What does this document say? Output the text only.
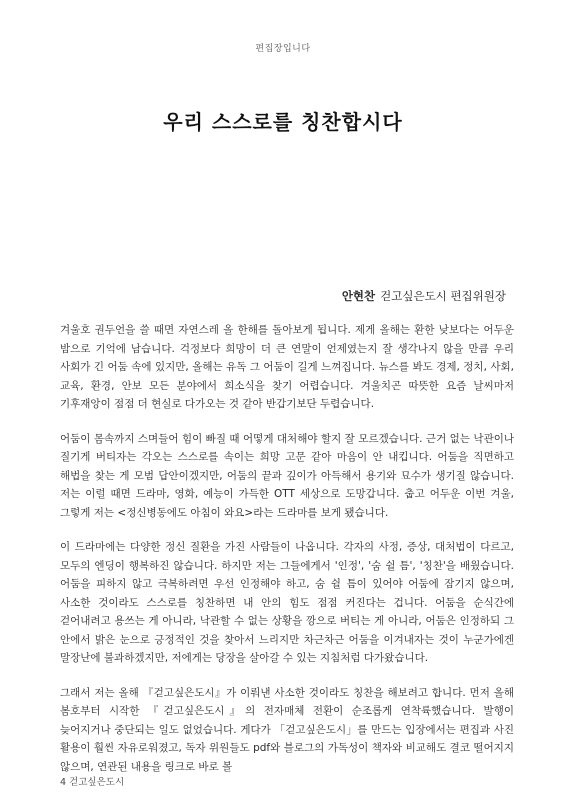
편집장입니다
우리 스스로를 칭찬합시다
안현찬 걷고싶은도시 편집위원장

겨울호 권두언을 쓸 때면 자연스레 올 한해를 돌아보게 됩니다. 제게 올해는 환한 낮보다는 어두운 밤으로 기억에 남습니다. 걱정보다 희망이 더 큰 연말이 언제였는지 잘 생각나지 않을 만큼 우리 사회가 긴 어둠 속에 있지만, 올해는 유독 그 어둠이 길게 느껴집니다. 뉴스를 봐도 경제, 정치, 사회, 교육, 환경, 안보 모든 분야에서 희소식을 찾기 어렵습니다. 겨울치곤 따뜻한 요즘 날씨마저 기후재앙이 점점 더 현실로 다가오는 것 같아 반갑기보단 두렵습니다.

어둠이 몸속까지 스며들어 힘이 빠질 때 어떻게 대처해야 할지 잘 모르겠습니다. 근거 없는 낙관이나 질기게 버티자는 각오는 스스로를 속이는 희망 고문 같아 마음이 안 내킵니다. 어둠을 직면하고 해법을 찾는 게 모범 답안이겠지만, 어둠의 끝과 깊이가 아득해서 용기와 묘수가 생기질 않습니다. 저는 이럴 때면 드라마, 영화, 예능이 가득한 OTT 세상으로 도망갑니다. 춥고 어두운 이번 겨울, 그렇게 저는 <정신병동에도 아침이 와요>라는 드라마를 보게 됐습니다.

이 드라마에는 다양한 정신 질환을 가진 사람들이 나옵니다. 각자의 사정, 증상, 대처법이 다르고, 모두의 엔딩이 행복하진 않습니다. 하지만 저는 그들에게서 '인정', '숨 쉴 틈', '칭찬'을 배웠습니다. 어둠을 피하지 않고 극복하려면 우선 인정해야 하고, 숨 쉴 틈이 있어야 어둠에 잠기지 않으며, 사소한 것이라도 스스로를 칭찬하면 내 안의 힘도 점점 커진다는 겁니다. 어둠을 순식간에 걷어내려고 용쓰는 게 아니라, 낙관할 수 없는 상황을 깡으로 버티는 게 아니라, 어둠은 인정하되 그 안에서 밝은 눈으로 긍정적인 것을 찾아서 느리지만 차근차근 어둠을 이겨내자는 것이 누군가에겐 말장난에 불과하겠지만, 저에게는 당장을 살아갈 수 있는 지침처럼 다가왔습니다.

그래서 저는 올해 『걷고싶은도시』가 이뤄낸 사소한 것이라도 칭찬을 해보려고 합니다. 먼저 올해 봄호부터 시작한 『걷고싶은도시』의 전자매체 전환이 순조롭게 연착륙했습니다. 발행이 늦어지거나 중단되는 일도 없었습니다. 게다가 「걷고싶은도시」를 만드는 입장에서는 편집과 사진 활용이 훨씬 자유로워졌고, 독자 위원들도 pdf와 블로그의 가독성이 책자와 비교해도 결코 떨어지지 않으며, 연관된 내용을 링크로 바로 볼

4 걷고싶은도시
